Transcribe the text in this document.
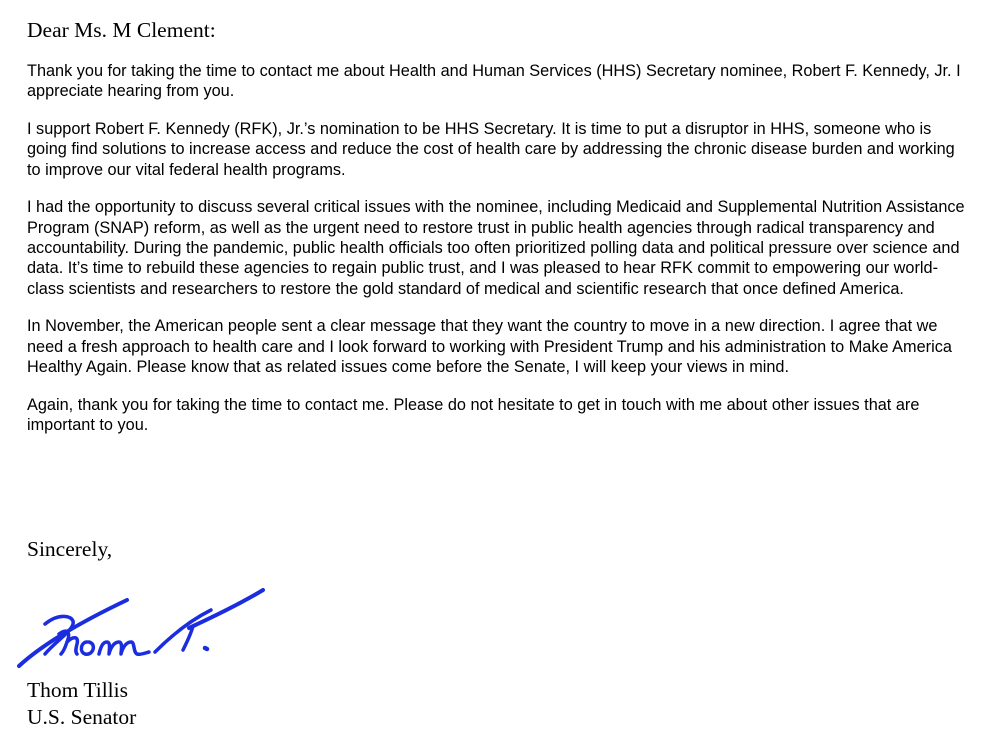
Dear Ms. M Clement:

Thank you for taking the time to contact me about Health and Human Services (HHS) Secretary nominee, Robert F. Kennedy, Jr. I appreciate hearing from you.

I support Robert F. Kennedy (RFK), Jr.’s nomination to be HHS Secretary. It is time to put a disruptor in HHS, someone who is going find solutions to increase access and reduce the cost of health care by addressing the chronic disease burden and working to improve our vital federal health programs.

I had the opportunity to discuss several critical issues with the nominee, including Medicaid and Supplemental Nutrition Assistance Program (SNAP) reform, as well as the urgent need to restore trust in public health agencies through radical transparency and accountability. During the pandemic, public health officials too often prioritized polling data and political pressure over science and data. It’s time to rebuild these agencies to regain public trust, and I was pleased to hear RFK commit to empowering our world-class scientists and researchers to restore the gold standard of medical and scientific research that once defined America.

In November, the American people sent a clear message that they want the country to move in a new direction. I agree that we need a fresh approach to health care and I look forward to working with President Trump and his administration to Make America Healthy Again. Please know that as related issues come before the Senate, I will keep your views in mind.

Again, thank you for taking the time to contact me. Please do not hesitate to get in touch with me about other issues that are important to you.

Sincerely,

Thom Tillis

U.S. Senator
